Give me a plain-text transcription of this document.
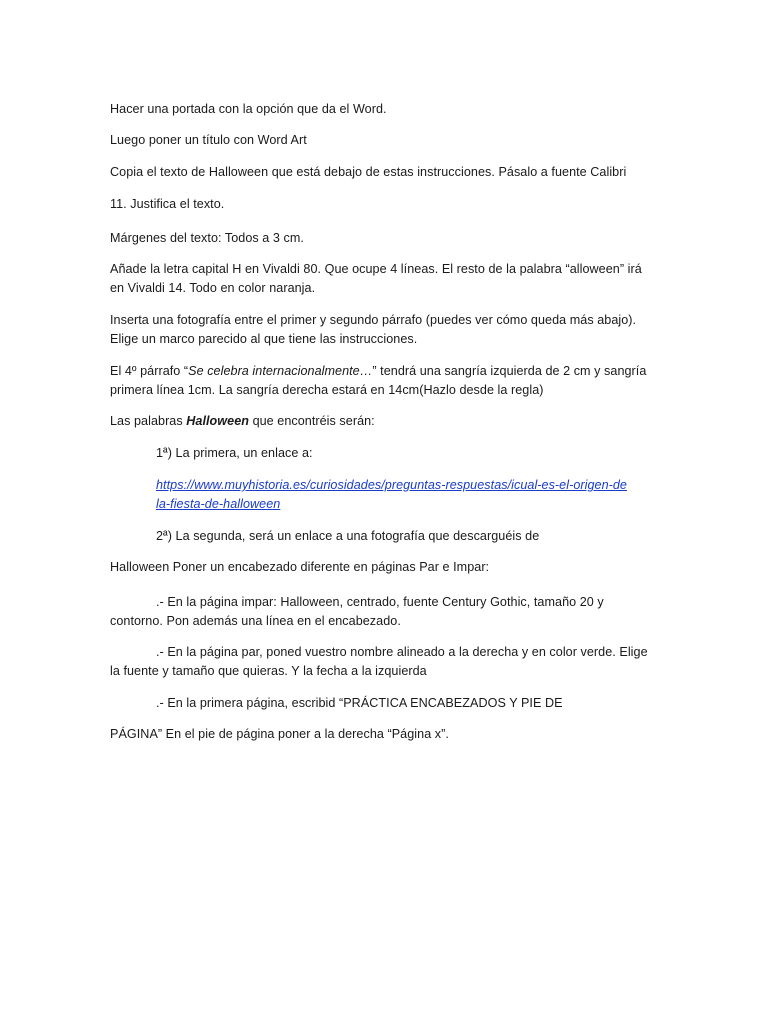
Hacer una portada con la opción que da el Word.
Luego poner un título con Word Art
Copia el texto de Halloween que está debajo de estas instrucciones. Pásalo a fuente Calibri
11. Justifica el texto.
Márgenes del texto: Todos a 3 cm.
Añade la letra capital H en Vivaldi 80. Que ocupe 4 líneas. El resto de la palabra “alloween” irá
en Vivaldi 14. Todo en color naranja.
Inserta una fotografía entre el primer y segundo párrafo (puedes ver cómo queda más abajo).
Elige un marco parecido al que tiene las instrucciones.
El 4º párrafo “Se celebra internacionalmente…” tendrá una sangría izquierda de 2 cm y sangría
primera línea 1cm. La sangría derecha estará en 14cm(Hazlo desde la regla)
Las palabras Halloween que encontréis serán:
1ª) La primera, un enlace a:
https://www.muyhistoria.es/curiosidades/preguntas-respuestas/icual-es-el-origen-de
la-fiesta-de-halloween
2ª) La segunda, será un enlace a una fotografía que descarguéis de
Halloween Poner un encabezado diferente en páginas Par e Impar:
.- En la página impar: Halloween, centrado, fuente Century Gothic, tamaño 20 y
contorno. Pon además una línea en el encabezado.
.- En la página par, poned vuestro nombre alineado a la derecha y en color verde. Elige
la fuente y tamaño que quieras. Y la fecha a la izquierda
.- En la primera página, escribid “PRÁCTICA ENCABEZADOS Y PIE DE
PÁGINA” En el pie de página poner a la derecha “Página x”.
